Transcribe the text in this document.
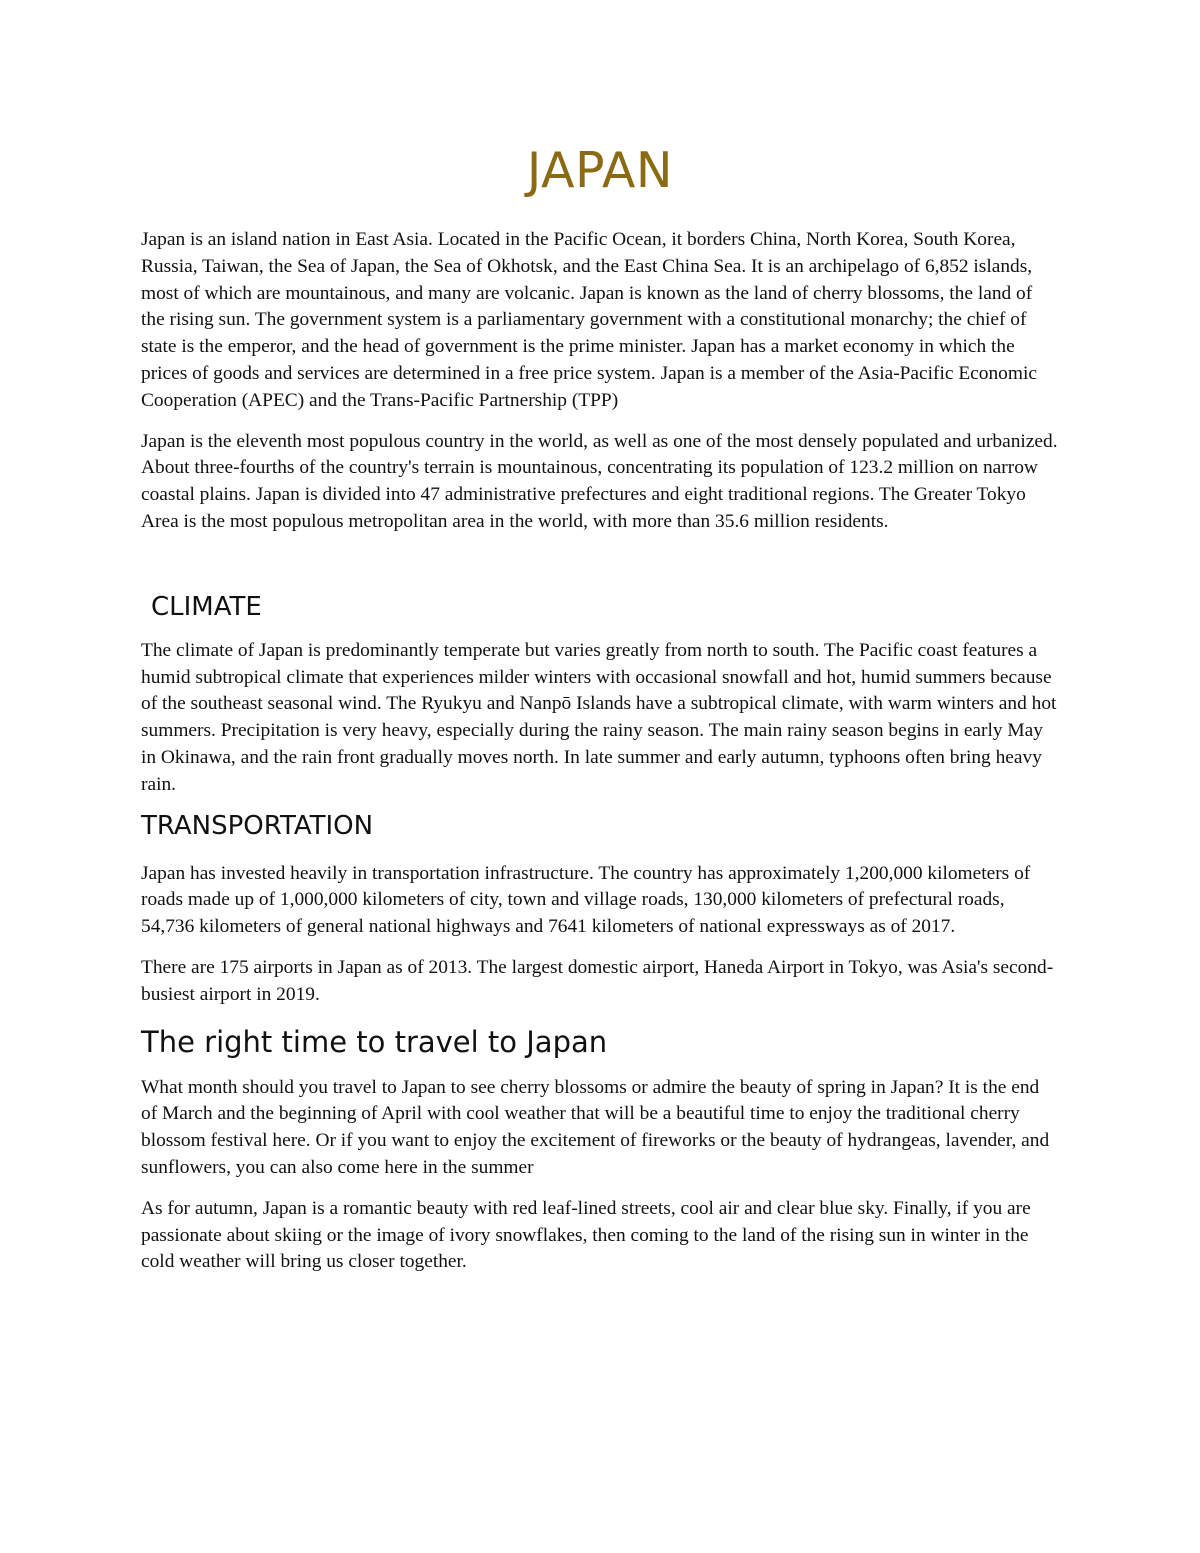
JAPAN

Japan is an island nation in East Asia. Located in the Pacific Ocean, it borders China, North Korea, South Korea, Russia, Taiwan, the Sea of Japan, the Sea of Okhotsk, and the East China Sea. It is an archipelago of 6,852 islands, most of which are mountainous, and many are volcanic. Japan is known as the land of cherry blossoms, the land of the rising sun. The government system is a parliamentary government with a constitutional monarchy; the chief of state is the emperor, and the head of government is the prime minister. Japan has a market economy in which the prices of goods and services are determined in a free price system. Japan is a member of the Asia-Pacific Economic Cooperation (APEC) and the Trans-Pacific Partnership (TPP)

Japan is the eleventh most populous country in the world, as well as one of the most densely populated and urbanized. About three-fourths of the country's terrain is mountainous, concentrating its population of 123.2 million on narrow coastal plains. Japan is divided into 47 administrative prefectures and eight traditional regions. The Greater Tokyo Area is the most populous metropolitan area in the world, with more than 35.6 million residents.

CLIMATE

The climate of Japan is predominantly temperate but varies greatly from north to south. The Pacific coast features a humid subtropical climate that experiences milder winters with occasional snowfall and hot, humid summers because of the southeast seasonal wind. The Ryukyu and Nanpō Islands have a subtropical climate, with warm winters and hot summers. Precipitation is very heavy, especially during the rainy season. The main rainy season begins in early May in Okinawa, and the rain front gradually moves north. In late summer and early autumn, typhoons often bring heavy rain.

TRANSPORTATION

Japan has invested heavily in transportation infrastructure. The country has approximately 1,200,000 kilometers of roads made up of 1,000,000 kilometers of city, town and village roads, 130,000 kilometers of prefectural roads, 54,736 kilometers of general national highways and 7641 kilometers of national expressways as of 2017.

There are 175 airports in Japan as of 2013. The largest domestic airport, Haneda Airport in Tokyo, was Asia's second-busiest airport in 2019.

The right time to travel to Japan

What month should you travel to Japan to see cherry blossoms or admire the beauty of spring in Japan? It is the end of March and the beginning of April with cool weather that will be a beautiful time to enjoy the traditional cherry blossom festival here. Or if you want to enjoy the excitement of fireworks or the beauty of hydrangeas, lavender, and sunflowers, you can also come here in the summer

As for autumn, Japan is a romantic beauty with red leaf-lined streets, cool air and clear blue sky. Finally, if you are passionate about skiing or the image of ivory snowflakes, then coming to the land of the rising sun in winter in the cold weather will bring us closer together.
